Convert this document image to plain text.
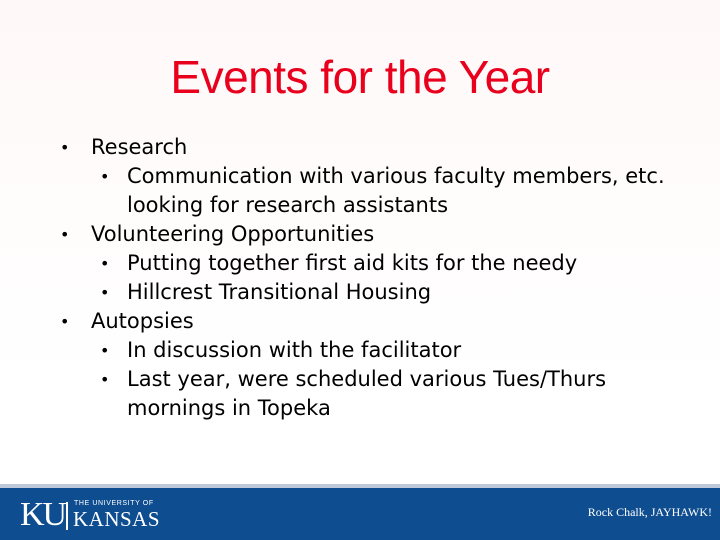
Events for the Year
• Research
• Communication with various faculty members, etc. looking for research assistants
• Volunteering Opportunities
• Putting together first aid kits for the needy
• Hillcrest Transitional Housing
• Autopsies
• In discussion with the facilitator
• Last year, were scheduled various Tues/Thurs mornings in Topeka
KU THE UNIVERSITY OF
KANSAS	Rock Chalk, JAYHAWK!
